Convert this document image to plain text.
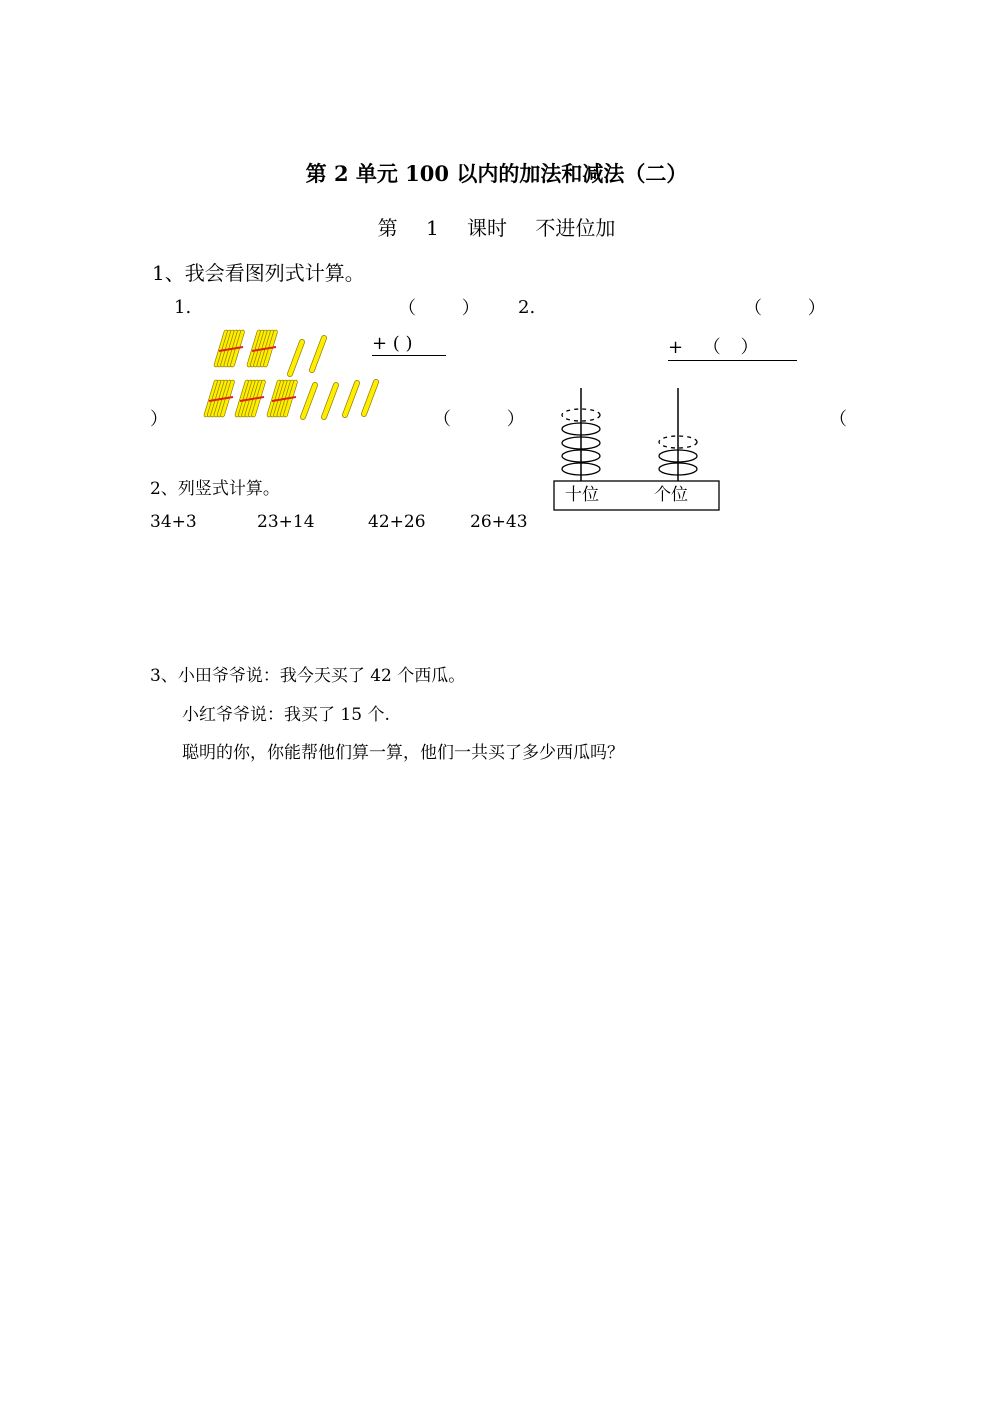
第 2 单元 100 以内的加法和减法（二）
第 1 课时 不进位加
1、我会看图列式计算。
1.	（ ）
+ ( )
（ ）
）
2.	（ ）
+ （ ）
（
十位	个位
2、列竖式计算。
34+3	23+14	42+26	26+43
3、小田爷爷说：我今天买了 42 个西瓜。
小红爷爷说：我买了 15 个.
聪明的你，你能帮他们算一算，他们一共买了多少西瓜吗？
